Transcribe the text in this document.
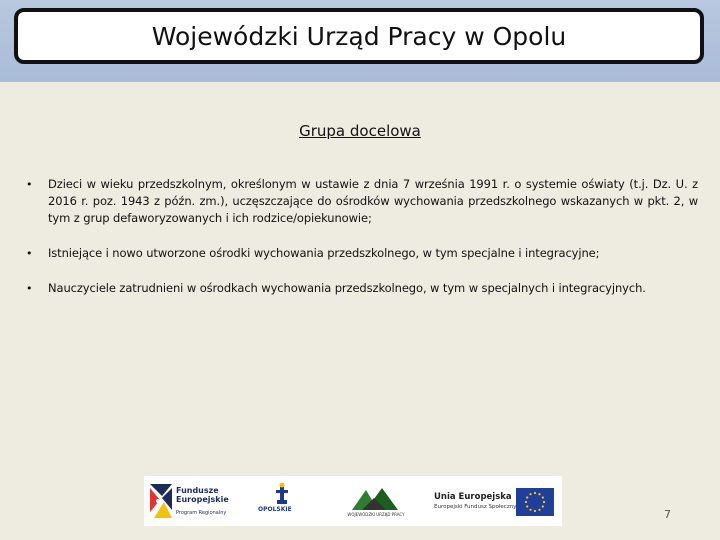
Wojewódzki Urząd Pracy w Opolu
Grupa docelowa
• Dzieci w wieku przedszkolnym, określonym w ustawie z dnia 7 września 1991 r. o systemie oświaty (t.j. Dz. U. z 2016 r. poz. 1943 z późn. zm.), uczęszczające do ośrodków wychowania przedszkolnego wskazanych w pkt. 2, w tym z grup defaworyzowanych i ich rodzice/opiekunowie;
• Istniejące i nowo utworzone ośrodki wychowania przedszkolnego, w tym specjalne i integracyjne;
• Nauczyciele zatrudnieni w ośrodkach wychowania przedszkolnego, w tym w specjalnych i integracyjnych.
Fundusze
Europejskie
Program Regionalny	OPOLSKIE
WOJEWÓDZKI URZĄD PRACY
Unia Europejska
Europejski Fundusz Społeczny
7
